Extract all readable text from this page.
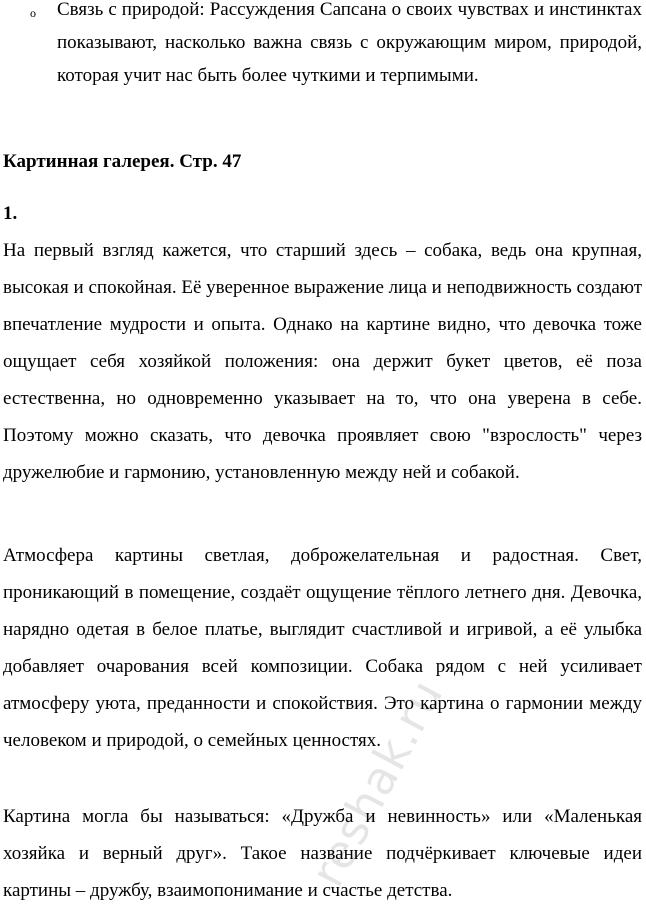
o Связь с природой: Рассуждения Сапсана о своих чувствах и инстинктах показывают, насколько важна связь с окружающим миром, природой, которая учит нас быть более чуткими и терпимыми.

Картинная галерея. Стр. 47

1.

На первый взгляд кажется, что старший здесь – собака, ведь она крупная, высокая и спокойная. Её уверенное выражение лица и неподвижность создают впечатление мудрости и опыта. Однако на картине видно, что девочка тоже ощущает себя хозяйкой положения: она держит букет цветов, её поза естественна, но одновременно указывает на то, что она уверена в себе. Поэтому можно сказать, что девочка проявляет свою "взрослость" через дружелюбие и гармонию, установленную между ней и собакой.

Атмосфера картины светлая, доброжелательная и радостная. Свет, проникающий в помещение, создаёт ощущение тёплого летнего дня. Девочка, нарядно одетая в белое платье, выглядит счастливой и игривой, а её улыбка добавляет очарования всей композиции. Собака рядом с ней усиливает атмосферу уюта, преданности и спокойствия. Это картина о гармонии между человеком и природой, о семейных ценностях.

Картина могла бы называться: «Дружба и невинность» или «Маленькая хозяйка и верный друг». Такое название подчёркивает ключевые идеи картины – дружбу, взаимопонимание и счастье детства.

reshak.ru
